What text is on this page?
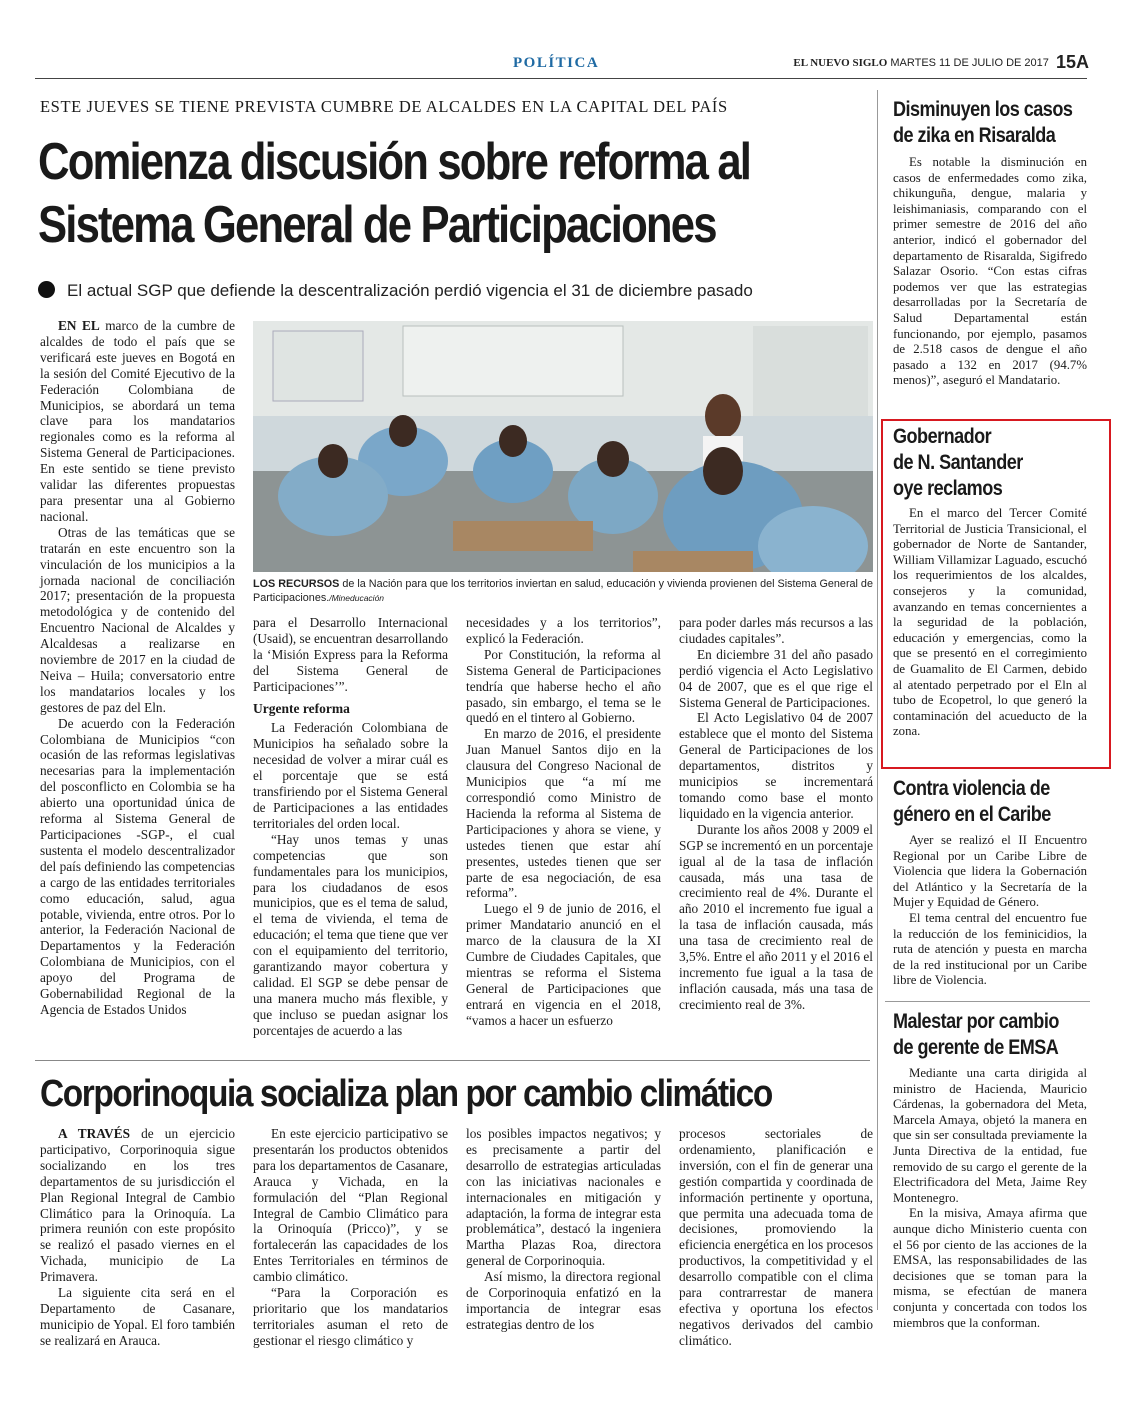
POLÍTICA	EL NUEVO SIGLO MARTES 11 DE JULIO DE 2017 15A
ESTE JUEVES SE TIENE PREVISTA CUMBRE DE ALCALDES EN LA CAPITAL DEL PAÍS
Comienza discusión sobre reforma al
Sistema General de Participaciones
El actual SGP que defiende la descentralización perdió vigencia el 31 de diciembre pasado

EN EL marco de la cumbre de alcaldes de todo el país que se verificará este jueves en Bogotá en la sesión del Comité Ejecutivo de la Federación Colombiana de Municipios, se abordará un tema clave para los mandatarios regionales como es la reforma al Sistema General de Participaciones. En este sentido se tiene previsto validar las diferentes propuestas para presentar una al Gobierno nacional.

Otras de las temáticas que se tratarán en este encuentro son la vinculación de los municipios a la jornada nacional de conciliación 2017; presentación de la propuesta metodológica y de contenido del Encuentro Nacional de Alcaldes y Alcaldesas a realizarse en noviembre de 2017 en la ciudad de Neiva – Huila; conversatorio entre los mandatarios locales y los gestores de paz del Eln.

De acuerdo con la Federación Colombiana de Municipios “con ocasión de las reformas legislativas necesarias para la implementación del posconflicto en Colombia se ha abierto una oportunidad única de reforma al Sistema General de Participaciones -SGP-, el cual sustenta el modelo descentralizador del país definiendo las competencias a cargo de las entidades territoriales como educación, salud, agua potable, vivienda, entre otros. Por lo anterior, la Federación Nacional de Departamentos y la Federación Colombiana de Municipios, con el apoyo del Programa de Gobernabilidad Regional de la Agencia de Estados Unidos

LOS RECURSOS de la Nación para que los territorios inviertan en salud, educación y vivienda provienen del Sistema General de Participaciones./Mineducación

para el Desarrollo Internacional (Usaid), se encuentran desarrollando la ‘Misión Express para la Reforma del Sistema General de Participaciones’”.

Urgente reforma

La Federación Colombiana de Municipios ha señalado sobre la necesidad de volver a mirar cuál es el porcentaje que se está transfiriendo por el Sistema General de Participaciones a las entidades territoriales del orden local.

“Hay unos temas y unas competencias que son fundamentales para los municipios, para los ciudadanos de esos municipios, que es el tema de salud, el tema de vivienda, el tema de educación; el tema que tiene que ver con el equipamiento del territorio, garantizando mayor cobertura y calidad. El SGP se debe pensar de una manera mucho más flexible, y que incluso se puedan asignar los porcentajes de acuerdo a las

necesidades y a los territorios”, explicó la Federación.

Por Constitución, la reforma al Sistema General de Participaciones tendría que haberse hecho el año pasado, sin embargo, el tema se le quedó en el tintero al Gobierno.

En marzo de 2016, el presidente Juan Manuel Santos dijo en la clausura del Congreso Nacional de Municipios que “a mí me correspondió como Ministro de Hacienda la reforma al Sistema de Participaciones y ahora se viene, y ustedes tienen que estar ahí presentes, ustedes tienen que ser parte de esa negociación, de esa reforma”.

Luego el 9 de junio de 2016, el primer Mandatario anunció en el marco de la clausura de la XI Cumbre de Ciudades Capitales, que mientras se reforma el Sistema General de Participaciones que entrará en vigencia en el 2018, “vamos a hacer un esfuerzo

para poder darles más recursos a las ciudades capitales”.

En diciembre 31 del año pasado perdió vigencia el Acto Legislativo 04 de 2007, que es el que rige el Sistema General de Participaciones.

El Acto Legislativo 04 de 2007 establece que el monto del Sistema General de Participaciones de los departamentos, distritos y municipios se incrementará tomando como base el monto liquidado en la vigencia anterior.

Durante los años 2008 y 2009 el SGP se incrementó en un porcentaje igual al de la tasa de inflación causada, más una tasa de crecimiento real de 4%. Durante el año 2010 el incremento fue igual a la tasa de inflación causada, más una tasa de crecimiento real de 3,5%. Entre el año 2011 y el 2016 el incremento fue igual a la tasa de inflación causada, más una tasa de crecimiento real de 3%.

Corporinoquia socializa plan por cambio climático

A TRAVÉS de un ejercicio participativo, Corporinoquia sigue socializando en los tres departamentos de su jurisdicción el Plan Regional Integral de Cambio Climático para la Orinoquía. La primera reunión con este propósito se realizó el pasado viernes en el Vichada, municipio de La Primavera.

La siguiente cita será en el Departamento de Casanare, municipio de Yopal. El foro también se realizará en Arauca.

En este ejercicio participativo se presentarán los productos obtenidos para los departamentos de Casanare, Arauca y Vichada, en la formulación del “Plan Regional Integral de Cambio Climático para la Orinoquía (Pricco)”, y se fortalecerán las capacidades de los Entes Territoriales en términos de cambio climático.

“Para la Corporación es prioritario que los mandatarios territoriales asuman el reto de gestionar el riesgo climático y

los posibles impactos negativos; y es precisamente a partir del desarrollo de estrategias articuladas con las iniciativas nacionales e internacionales en mitigación y adaptación, la forma de integrar esta problemática”, destacó la ingeniera Martha Plazas Roa, directora general de Corporinoquia.

Así mismo, la directora regional de Corporinoquia enfatizó en la importancia de integrar esas estrategias dentro de los

procesos sectoriales de ordenamiento, planificación e inversión, con el fin de generar una gestión compartida y coordinada de información pertinente y oportuna, que permita una adecuada toma de decisiones, promoviendo la eficiencia energética en los procesos productivos, la competitividad y el desarrollo compatible con el clima para contrarrestar de manera efectiva y oportuna los efectos negativos derivados del cambio climático.

Disminuyen los casos
de zika en Risaralda

Es notable la disminución en casos de enfermedades como zika, chikunguña, dengue, malaria y leishimaniasis, comparando con el primer semestre de 2016 del año anterior, indicó el gobernador del departamento de Risaralda, Sigifredo Salazar Osorio. “Con estas cifras podemos ver que las estrategias desarrolladas por la Secretaría de Salud Departamental están funcionando, por ejemplo, pasamos de 2.518 casos de dengue el año pasado a 132 en 2017 (94.7% menos)”, aseguró el Mandatario.

Gobernador
de N. Santander
oye reclamos

En el marco del Tercer Comité Territorial de Justicia Transicional, el gobernador de Norte de Santander, William Villamizar Laguado, escuchó los requerimientos de los alcaldes, consejeros y la comunidad, avanzando en temas concernientes a la seguridad de la población, educación y emergencias, como la que se presentó en el corregimiento de Guamalito de El Carmen, debido al atentado perpetrado por el Eln al tubo de Ecopetrol, lo que generó la contaminación del acueducto de la zona.

Contra violencia de
género en el Caribe

Ayer se realizó el II Encuentro Regional por un Caribe Libre de Violencia que lidera la Gobernación del Atlántico y la Secretaría de la Mujer y Equidad de Género.

El tema central del encuentro fue la reducción de los feminicidios, la ruta de atención y puesta en marcha de la red institucional por un Caribe libre de Violencia.

Malestar por cambio
de gerente de EMSA

Mediante una carta dirigida al ministro de Hacienda, Mauricio Cárdenas, la gobernadora del Meta, Marcela Amaya, objetó la manera en que sin ser consultada previamente la Junta Directiva de la entidad, fue removido de su cargo el gerente de la Electrificadora del Meta, Jaime Rey Montenegro.

En la misiva, Amaya afirma que aunque dicho Ministerio cuenta con el 56 por ciento de las acciones de la EMSA, las responsabilidades de las decisiones que se toman para la misma, se efectúan de manera conjunta y concertada con todos los miembros que la conforman.
